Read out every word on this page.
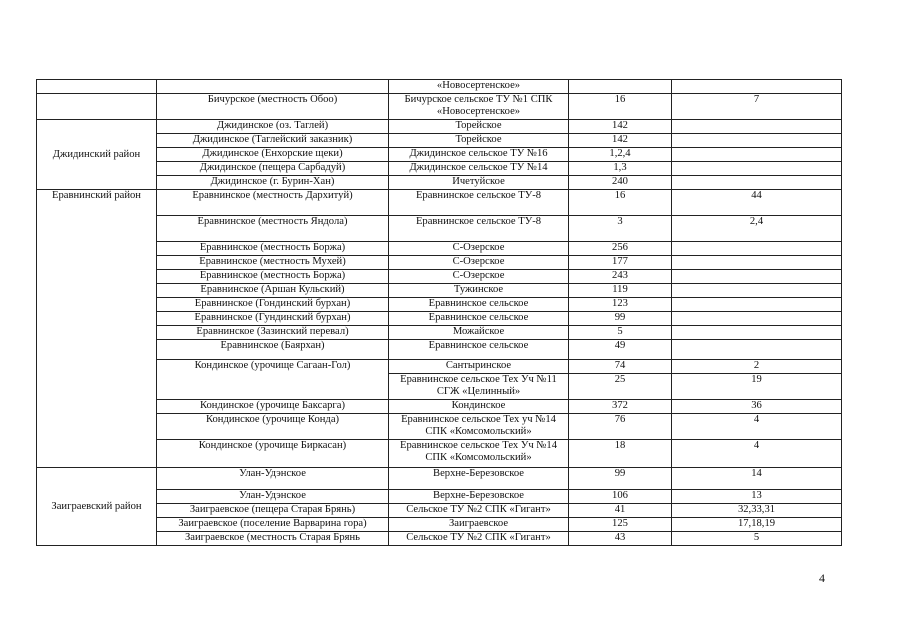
		«Новосертенское»		
	Бичурское (местность Обоо)	Бичурское сельское ТУ №1 СПК «Новосертенское»	16	7
Джидинский район	Джидинское (оз. Таглей)	Торейское	142	
	Джидинское (Таглейский заказник)	Торейское	142	
	Джидинское (Енхорские щеки)	Джидинское сельское ТУ №16	1,2,4	
	Джидинское (пещера Сарбадуй)	Джидинское сельское ТУ №14	1,3	
	Джидинское (г. Бурин-Хан)	Ичетуйское	240	
Еравнинский район	Еравнинское (местность Дархитуй)	Еравнинское сельское ТУ-8	16	44
	Еравнинское (местность Яндола)	Еравнинское сельское ТУ-8	3	2,4
	Еравнинское (местность Боржа)	С-Озерское	256	
	Еравнинское (местность Мухей)	С-Озерское	177	
	Еравнинское (местность Боржа)	С-Озерское	243	
	Еравнинское (Аршан Кульский)	Тужинское	119	
	Еравнинское (Гондинский бурхан)	Еравнинское сельское	123	
	Еравнинское (Гундинский бурхан)	Еравнинское сельское	99	
	Еравнинское (Зазинский перевал)	Можайское	5	
	Еравнинское (Баярхан)	Еравнинское сельское	49	
	Кондинское (урочище Сагаан-Гол)	Сантыринское	74	2
		Еравнинское сельское Тех Уч №11 СГЖ «Целинный»	25	19
	Кондинское (урочище Баксарга)	Кондинское	372	36
	Кондинское (урочище Конда)	Еравнинское сельское Тех уч №14 СПК «Комсомольский»	76	4
	Кондинское (урочище Биркасан)	Еравнинское сельское Тех Уч №14 СПК «Комсомольский»	18	4
Заиграевский район	Улан-Удэнское	Верхне-Березовское	99	14
	Улан-Удэнское	Верхне-Березовское	106	13
	Заиграевское (пещера Старая Брянь)	Сельское ТУ №2 СПК «Гигант»	41	32,33,31
	Заиграевское (поселение Варварина гора)	Заиграевское	125	17,18,19
	Заиграевское (местность Старая Брянь	Сельское ТУ №2 СПК «Гигант»	43	5
4
